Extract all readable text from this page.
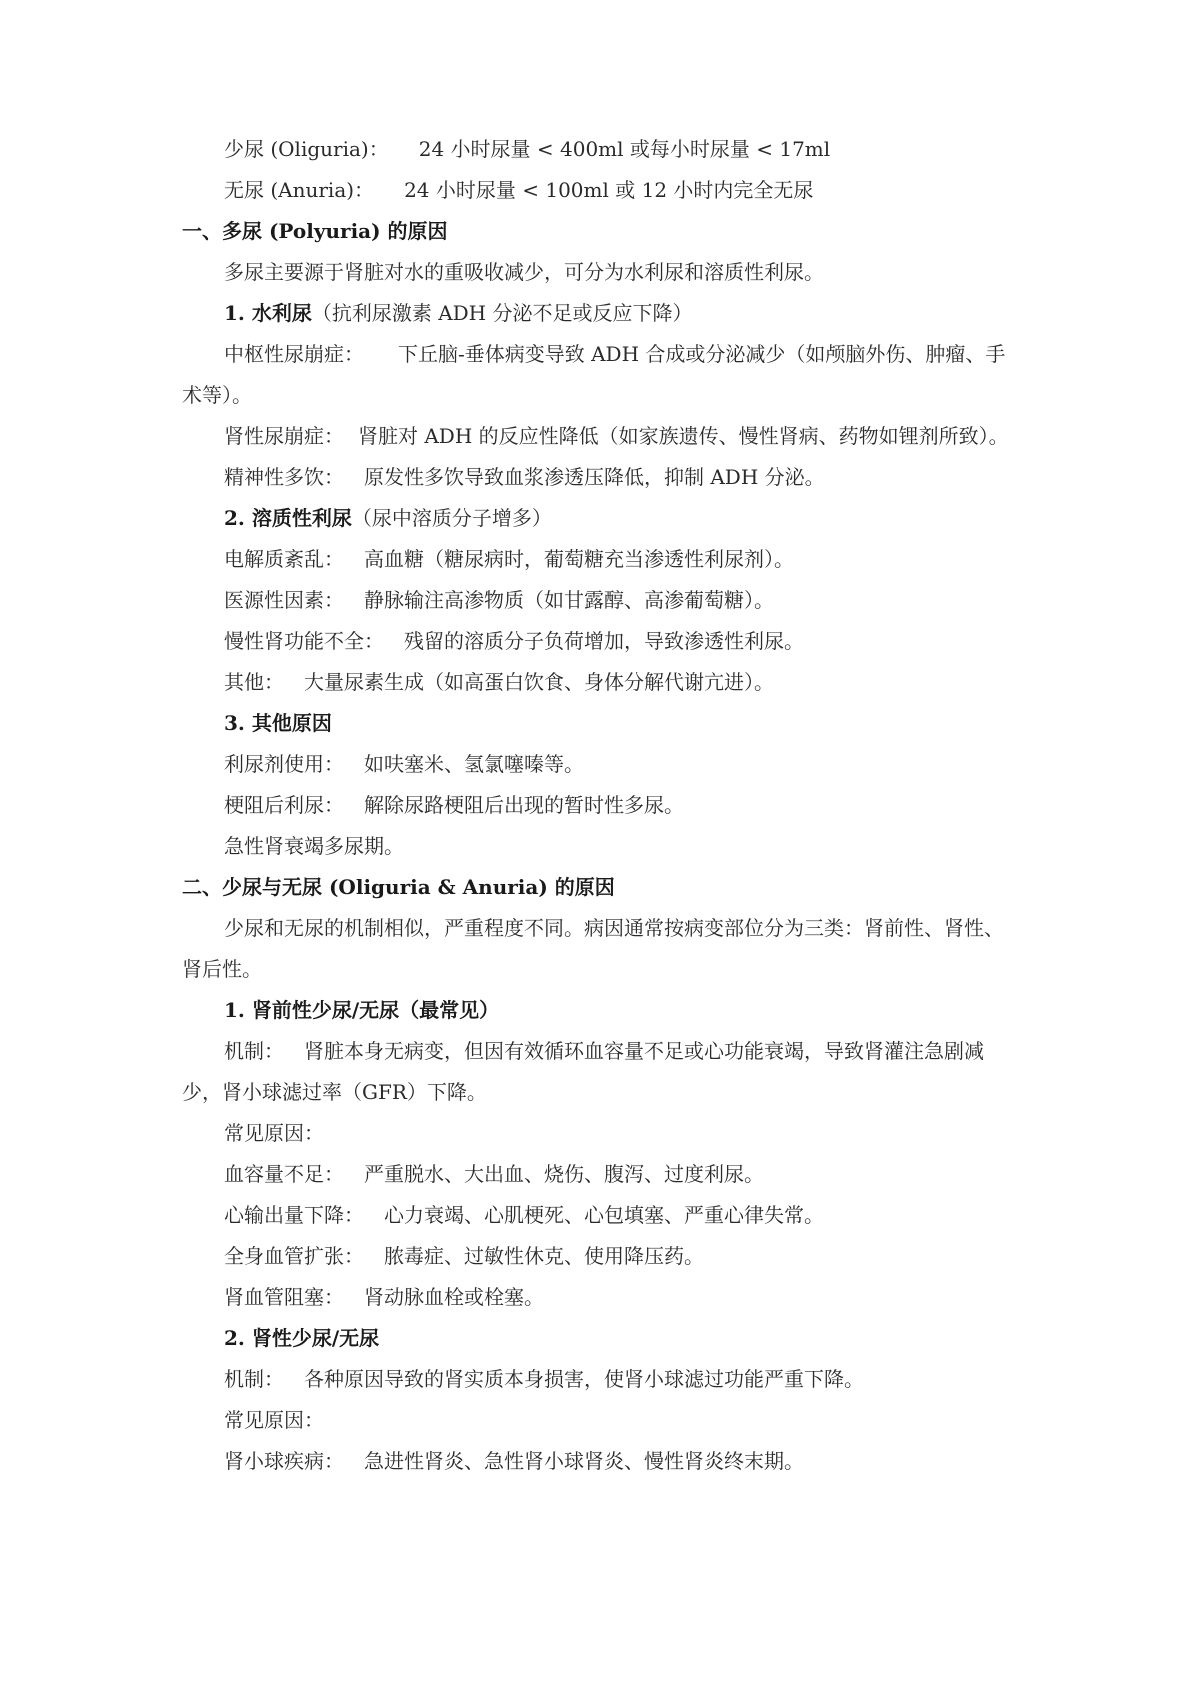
少尿 (Oliguria)： 24 小时尿量 < 400ml 或每小时尿量 < 17ml
无尿 (Anuria)： 24 小时尿量 < 100ml 或 12 小时内完全无尿
一、多尿 (Polyuria) 的原因
多尿主要源于肾脏对水的重吸收减少，可分为水利尿和溶质性利尿。
1. 水利尿（抗利尿激素 ADH 分泌不足或反应下降）
中枢性尿崩症： 下丘脑-垂体病变导致 ADH 合成或分泌减少（如颅脑外伤、肿瘤、手
术等）。
肾性尿崩症： 肾脏对 ADH 的反应性降低（如家族遗传、慢性肾病、药物如锂剂所致）。
精神性多饮： 原发性多饮导致血浆渗透压降低，抑制 ADH 分泌。
2. 溶质性利尿（尿中溶质分子增多）
电解质紊乱： 高血糖（糖尿病时，葡萄糖充当渗透性利尿剂）。
医源性因素： 静脉输注高渗物质（如甘露醇、高渗葡萄糖）。
慢性肾功能不全： 残留的溶质分子负荷增加，导致渗透性利尿。
其他： 大量尿素生成（如高蛋白饮食、身体分解代谢亢进）。
3. 其他原因
利尿剂使用： 如呋塞米、氢氯噻嗪等。
梗阻后利尿： 解除尿路梗阻后出现的暂时性多尿。
急性肾衰竭多尿期。
二、少尿与无尿 (Oliguria & Anuria) 的原因
少尿和无尿的机制相似，严重程度不同。病因通常按病变部位分为三类：肾前性、肾性、
肾后性。
1. 肾前性少尿/无尿（最常见）
机制： 肾脏本身无病变，但因有效循环血容量不足或心功能衰竭，导致肾灌注急剧减
少，肾小球滤过率（GFR）下降。
常见原因：
血容量不足： 严重脱水、大出血、烧伤、腹泻、过度利尿。
心输出量下降： 心力衰竭、心肌梗死、心包填塞、严重心律失常。
全身血管扩张： 脓毒症、过敏性休克、使用降压药。
肾血管阻塞： 肾动脉血栓或栓塞。
2. 肾性少尿/无尿
机制： 各种原因导致的肾实质本身损害，使肾小球滤过功能严重下降。
常见原因：
肾小球疾病： 急进性肾炎、急性肾小球肾炎、慢性肾炎终末期。
